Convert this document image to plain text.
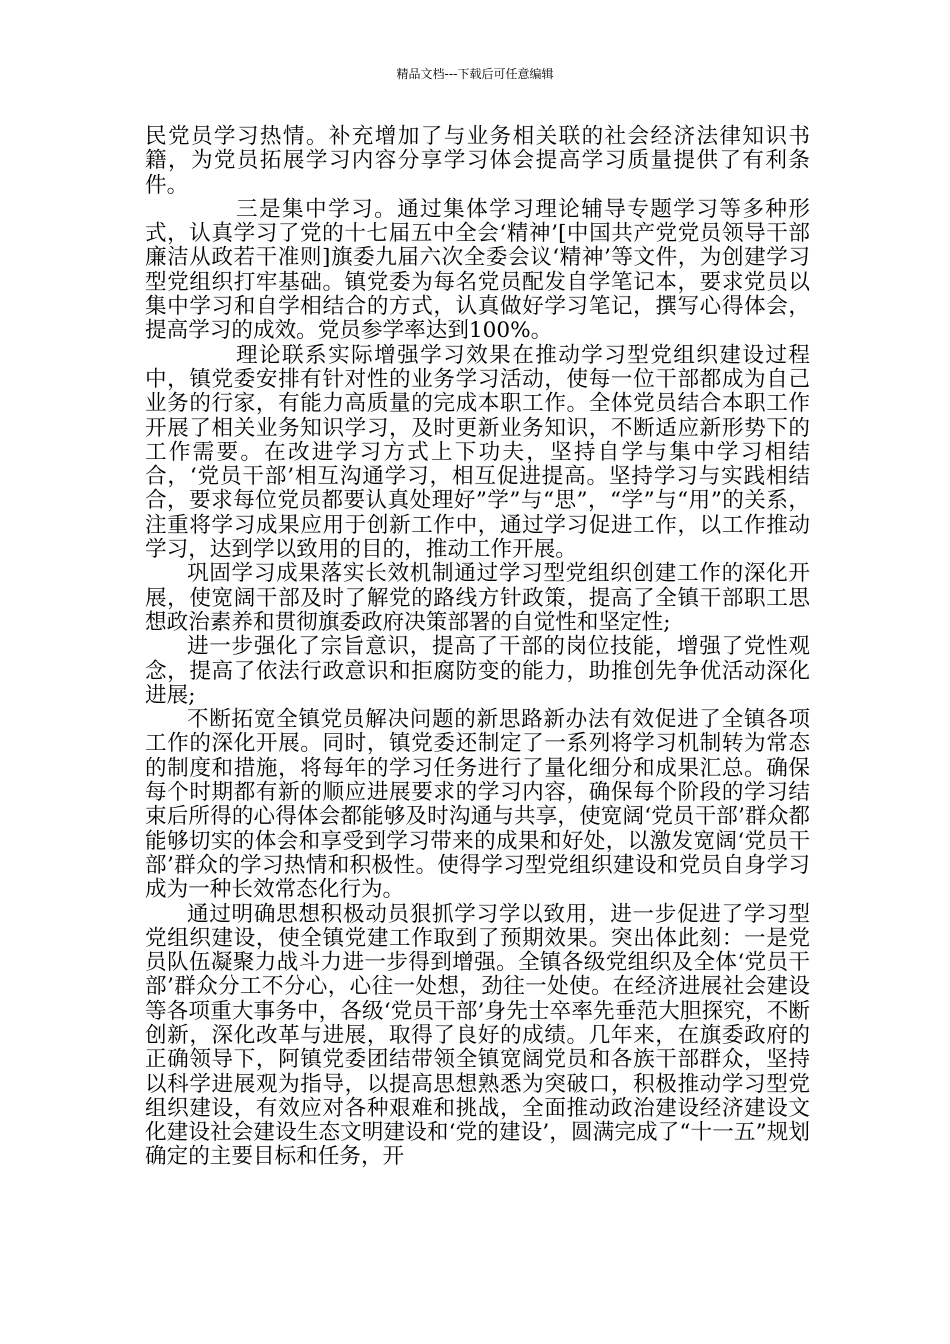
精品文档---下载后可任意编辑

民党员学习热情。补充增加了与业务相关联的社会经济法律知识书籍，为党员拓展学习内容分享学习体会提高学习质量提供了有利条件。

三是集中学习。通过集体学习理论辅导专题学习等多种形式，认真学习了党的十七届五中全会‘精神’[中国共产党党员领导干部廉洁从政若干准则]旗委九届六次全委会议‘精神’等文件，为创建学习型党组织打牢基础。镇党委为每名党员配发自学笔记本，要求党员以集中学习和自学相结合的方式，认真做好学习笔记，撰写心得体会，提高学习的成效。党员参学率达到100%。

理论联系实际增强学习效果在推动学习型党组织建设过程中，镇党委安排有针对性的业务学习活动，使每一位干部都成为自己业务的行家，有能力高质量的完成本职工作。全体党员结合本职工作开展了相关业务知识学习，及时更新业务知识，不断适应新形势下的工作需要。在改进学习方式上下功夫，坚持自学与集中学习相结合，‘党员干部’相互沟通学习，相互促进提高。坚持学习与实践相结合，要求每位党员都要认真处理好”学”与“思”，“学”与“用”的关系，注重将学习成果应用于创新工作中，通过学习促进工作，以工作推动学习，达到学以致用的目的，推动工作开展。

巩固学习成果落实长效机制通过学习型党组织创建工作的深化开展，使宽阔干部及时了解党的路线方针政策，提高了全镇干部职工思想政治素养和贯彻旗委政府决策部署的自觉性和坚定性;

进一步强化了宗旨意识，提高了干部的岗位技能，增强了党性观念，提高了依法行政意识和拒腐防变的能力，助推创先争优活动深化进展;

不断拓宽全镇党员解决问题的新思路新办法有效促进了全镇各项工作的深化开展。同时，镇党委还制定了一系列将学习机制转为常态的制度和措施，将每年的学习任务进行了量化细分和成果汇总。确保每个时期都有新的顺应进展要求的学习内容，确保每个阶段的学习结束后所得的心得体会都能够及时沟通与共享，使宽阔‘党员干部’群众都能够切实的体会和享受到学习带来的成果和好处，以激发宽阔‘党员干部’群众的学习热情和积极性。使得学习型党组织建设和党员自身学习成为一种长效常态化行为。

通过明确思想积极动员狠抓学习学以致用，进一步促进了学习型党组织建设，使全镇党建工作取到了预期效果。突出体此刻：一是党员队伍凝聚力战斗力进一步得到增强。全镇各级党组织及全体‘党员干部’群众分工不分心，心往一处想，劲往一处使。在经济进展社会建设等各项重大事务中，各级‘党员干部’身先士卒率先垂范大胆探究，不断创新，深化改革与进展，取得了良好的成绩。几年来，在旗委政府的正确领导下，阿镇党委团结带领全镇宽阔党员和各族干部群众，坚持以科学进展观为指导，以提高思想熟悉为突破口，积极推动学习型党组织建设，有效应对各种艰难和挑战，全面推动政治建设经济建设文化建设社会建设生态文明建设和‘党的建设’，圆满完成了“十一五”规划确定的主要目标和任务，开
